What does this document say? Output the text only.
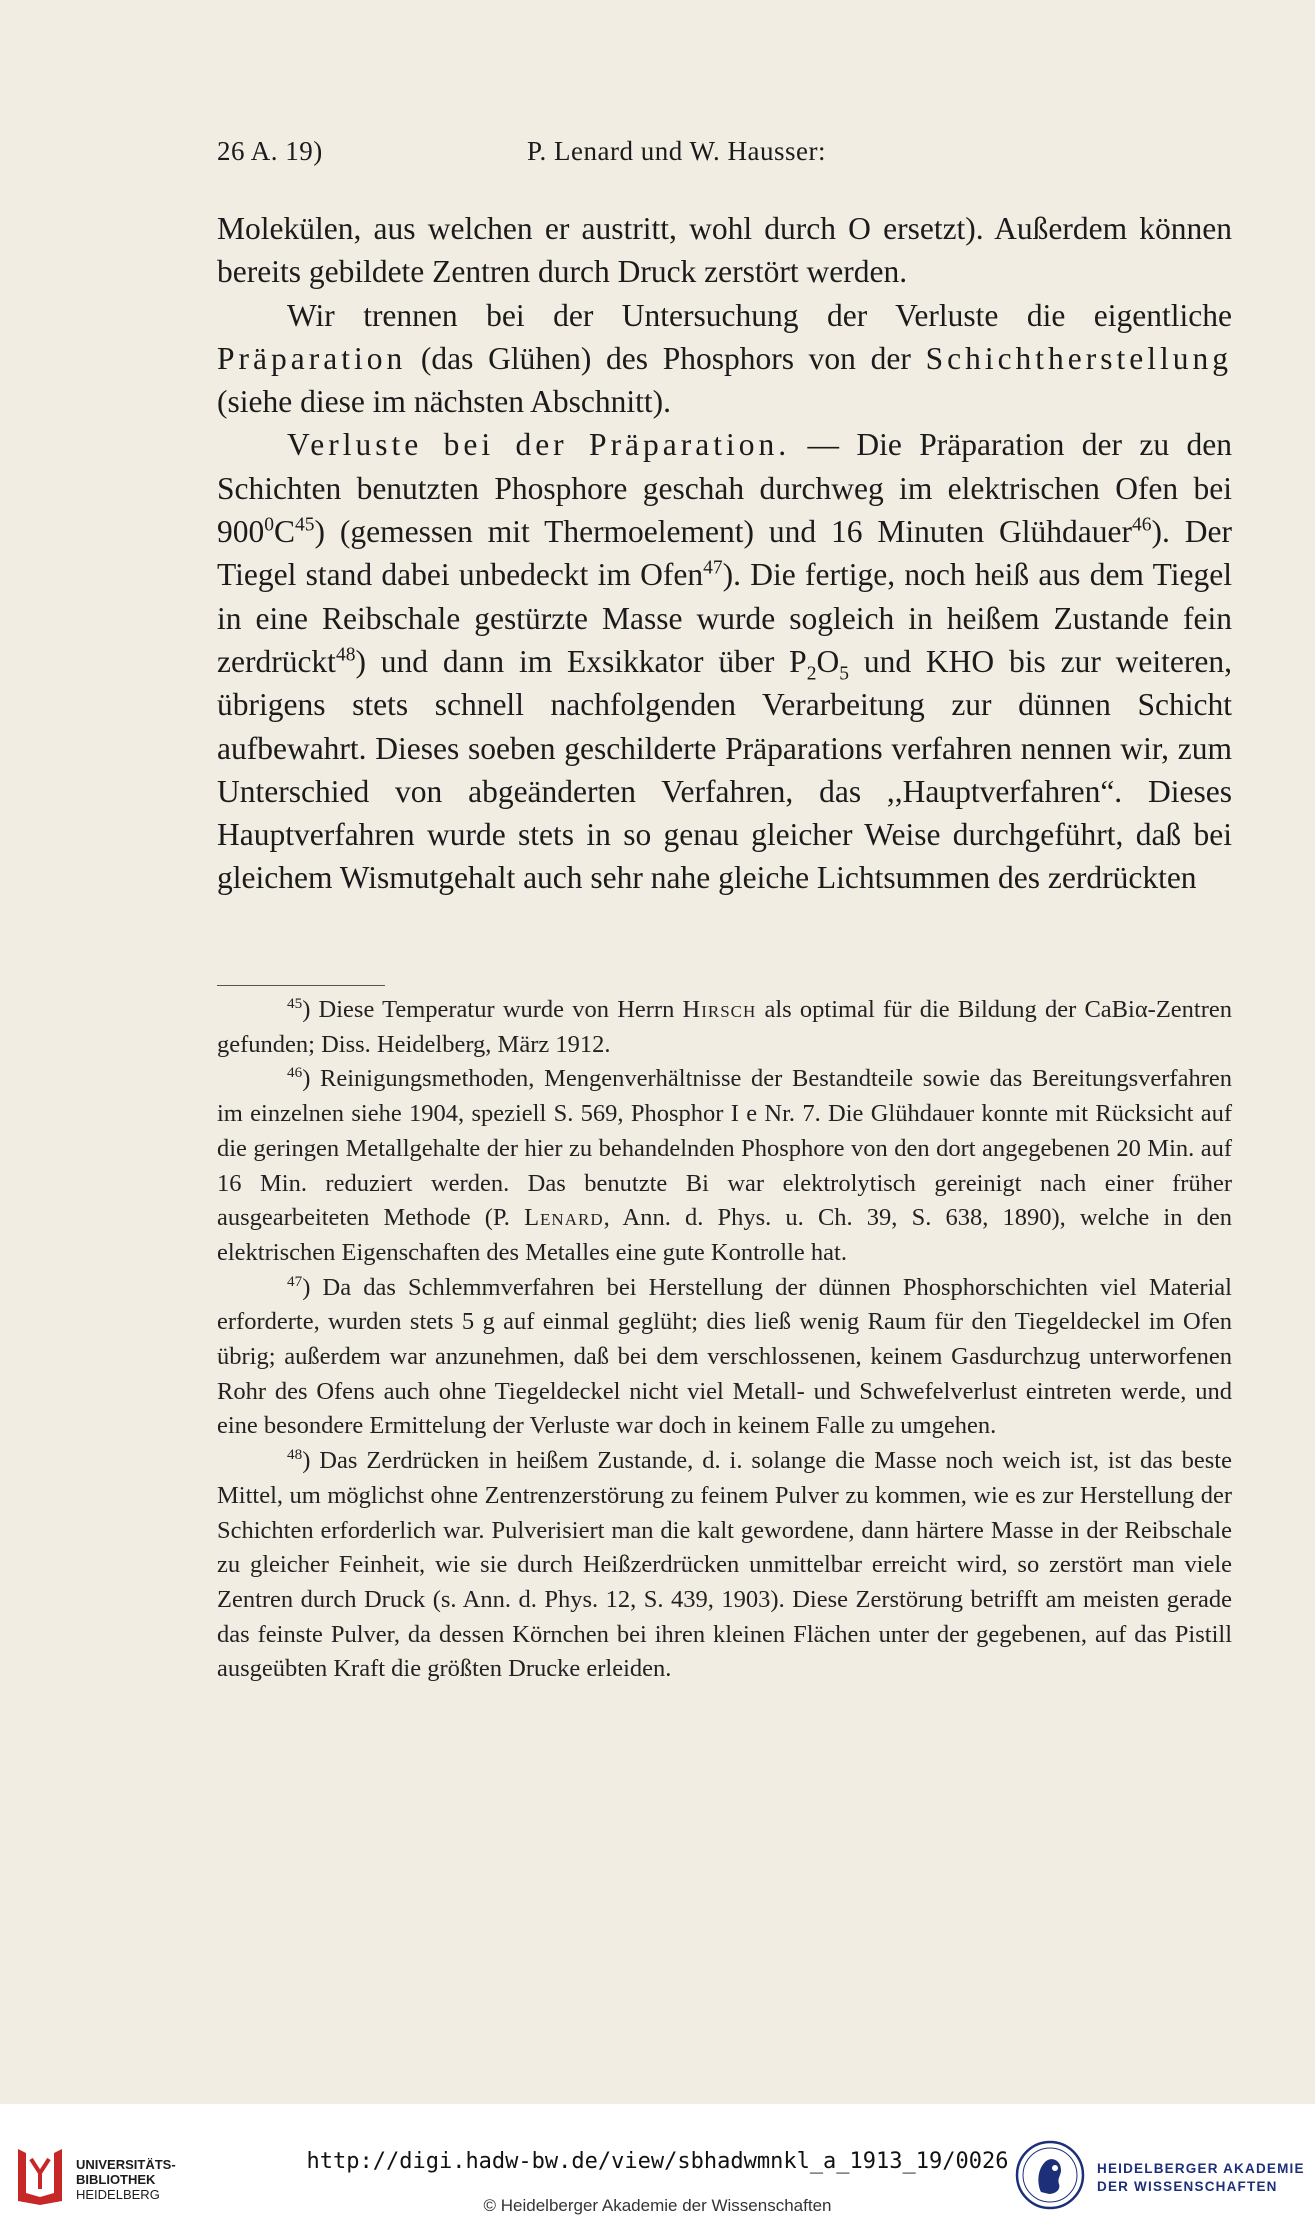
26 A. 19)	P. Lenard und W. Hausser:

Molekülen, aus welchen er austritt, wohl durch O ersetzt). Außerdem können bereits gebildete Zentren durch Druck zerstört werden.

Wir trennen bei der Untersuchung der Verluste die eigentliche Präparation (das Glühen) des Phosphors von der Schichtherstellung (siehe diese im nächsten Abschnitt).

Verluste bei der Präparation. — Die Präparation der zu den Schichten benutzten Phosphore geschah durchweg im elektrischen Ofen bei $900^0C^{45}$) (gemessen mit Thermoelement) und 16 Minuten Glühdauer$^{46}$). Der Tiegel stand dabei unbedeckt im Ofen$^{47}$). Die fertige, noch heiß aus dem Tiegel in eine Reibschale gestürzte Masse wurde sogleich in heißem Zustande fein zerdrückt$^{48}$) und dann im Exsikkator über $P_2O_5$ und KHO bis zur weiteren, übrigens stets schnell nachfolgenden Verarbeitung zur dünnen Schicht aufbewahrt. Dieses soeben geschilderte Präparations verfahren nennen wir, zum Unterschied von abgeänderten Verfahren, das ,,Hauptverfahren“. Dieses Hauptverfahren wurde stets in so genau gleicher Weise durchgeführt, daß bei gleichem Wismutgehalt auch sehr nahe gleiche Lichtsummen des zerdrückten

$^{45}$) Diese Temperatur wurde von Herrn Hirsch als optimal für die Bildung der CaBiα-Zentren gefunden; Diss. Heidelberg, März 1912.

$^{46}$) Reinigungsmethoden, Mengenverhältnisse der Bestandteile sowie das Bereitungsverfahren im einzelnen siehe 1904, speziell S. 569, Phosphor I e Nr. 7. Die Glühdauer konnte mit Rücksicht auf die geringen Metallgehalte der hier zu behandelnden Phosphore von den dort angegebenen 20 Min. auf 16 Min. reduziert werden. Das benutzte Bi war elektrolytisch gereinigt nach einer früher ausgearbeiteten Methode (P. Lenard, Ann. d. Phys. u. Ch. 39, S. 638, 1890), welche in den elektrischen Eigenschaften des Metalles eine gute Kontrolle hat.

$^{47}$) Da das Schlemmverfahren bei Herstellung der dünnen Phosphorschichten viel Material erforderte, wurden stets 5 g auf einmal geglüht; dies ließ wenig Raum für den Tiegeldeckel im Ofen übrig; außerdem war anzunehmen, daß bei dem verschlossenen, keinem Gasdurchzug unterworfenen Rohr des Ofens auch ohne Tiegeldeckel nicht viel Metall- und Schwefelverlust eintreten werde, und eine besondere Ermittelung der Verluste war doch in keinem Falle zu umgehen.

$^{48}$) Das Zerdrücken in heißem Zustande, d. i. solange die Masse noch weich ist, ist das beste Mittel, um möglichst ohne Zentrenzerstörung zu feinem Pulver zu kommen, wie es zur Herstellung der Schichten erforderlich war. Pulverisiert man die kalt gewordene, dann härtere Masse in der Reibschale zu gleicher Feinheit, wie sie durch Heißzerdrücken unmittelbar erreicht wird, so zerstört man viele Zentren durch Druck (s. Ann. d. Phys. 12, S. 439, 1903). Diese Zerstörung betrifft am meisten gerade das feinste Pulver, da dessen Körnchen bei ihren kleinen Flächen unter der gegebenen, auf das Pistill ausgeübten Kraft die größten Drucke erleiden.

UNIVERSITÄTS-
BIBLIOTHEK
HEIDELBERG
http://digi.hadw-bw.de/view/sbhadwmnkl_a_1913_19/0026
© Heidelberger Akademie der Wissenschaften
HEIDELBERGER AKADEMIE
DER WISSENSCHAFTEN
